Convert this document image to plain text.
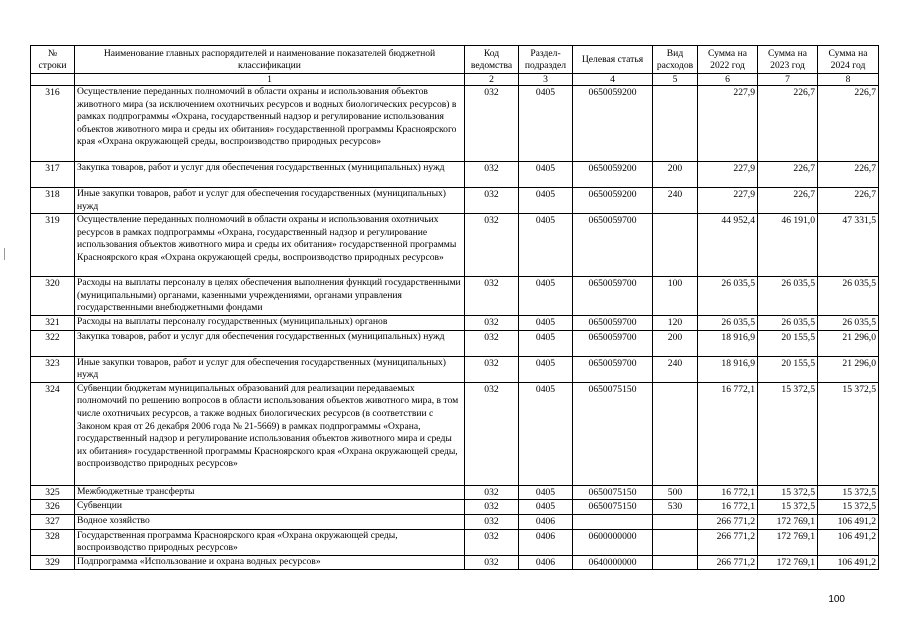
№ строки	Наименование главных распорядителей и наименование показателей бюджетной классификации	Код ведомства	Раздел-подраздел	Целевая статья	Вид расходов	Сумма на 2022 год	Сумма на 2023 год	Сумма на 2024 год
	1	2	3	4	5	6	7	8
316	Осуществление переданных полномочий в области охраны и использования объектов животного мира (за исключением охотничьих ресурсов и водных биологических ресурсов) в рамках подпрограммы «Охрана, государственный надзор и регулирование использования объектов животного мира и среды их обитания» государственной программы Красноярского края «Охрана окружающей среды, воспроизводство природных ресурсов»	032	0405	0650059200		227,9	226,7	226,7
317	Закупка товаров, работ и услуг для обеспечения государственных (муниципальных) нужд	032	0405	0650059200	200	227,9	226,7	226,7
318	Иные закупки товаров, работ и услуг для обеспечения государственных (муниципальных) нужд	032	0405	0650059200	240	227,9	226,7	226,7
319	Осуществление переданных полномочий в области охраны и использования охотничьих ресурсов в рамках подпрограммы «Охрана, государственный надзор и регулирование использования объектов животного мира и среды их обитания» государственной программы Красноярского края «Охрана окружающей среды, воспроизводство природных ресурсов»	032	0405	0650059700		44 952,4	46 191,0	47 331,5
320	Расходы на выплаты персоналу в целях обеспечения выполнения функций государственными (муниципальными) органами, казенными учреждениями, органами управления государственными внебюджетными фондами	032	0405	0650059700	100	26 035,5	26 035,5	26 035,5
321	Расходы на выплаты персоналу государственных (муниципальных) органов	032	0405	0650059700	120	26 035,5	26 035,5	26 035,5
322	Закупка товаров, работ и услуг для обеспечения государственных (муниципальных) нужд	032	0405	0650059700	200	18 916,9	20 155,5	21 296,0
323	Иные закупки товаров, работ и услуг для обеспечения государственных (муниципальных) нужд	032	0405	0650059700	240	18 916,9	20 155,5	21 296,0
324	Субвенции бюджетам муниципальных образований для реализации передаваемых полномочий по решению вопросов в области использования объектов животного мира, в том числе охотничьих ресурсов, а также водных биологических ресурсов (в соответствии с Законом края от 26 декабря 2006 года № 21-5669) в рамках подпрограммы «Охрана, государственный надзор и регулирование использования объектов животного мира и среды их обитания» государственной программы Красноярского края «Охрана окружающей среды, воспроизводство природных ресурсов»	032	0405	0650075150		16 772,1	15 372,5	15 372,5
325	Межбюджетные трансферты	032	0405	0650075150	500	16 772,1	15 372,5	15 372,5
326	Субвенции	032	0405	0650075150	530	16 772,1	15 372,5	15 372,5
327	Водное хозяйство	032	0406			266 771,2	172 769,1	106 491,2
328	Государственная программа Красноярского края «Охрана окружающей среды, воспроизводство природных ресурсов»	032	0406	0600000000		266 771,2	172 769,1	106 491,2
329	Подпрограмма «Использование и охрана водных ресурсов»	032	0406	0640000000		266 771,2	172 769,1	106 491,2
100
